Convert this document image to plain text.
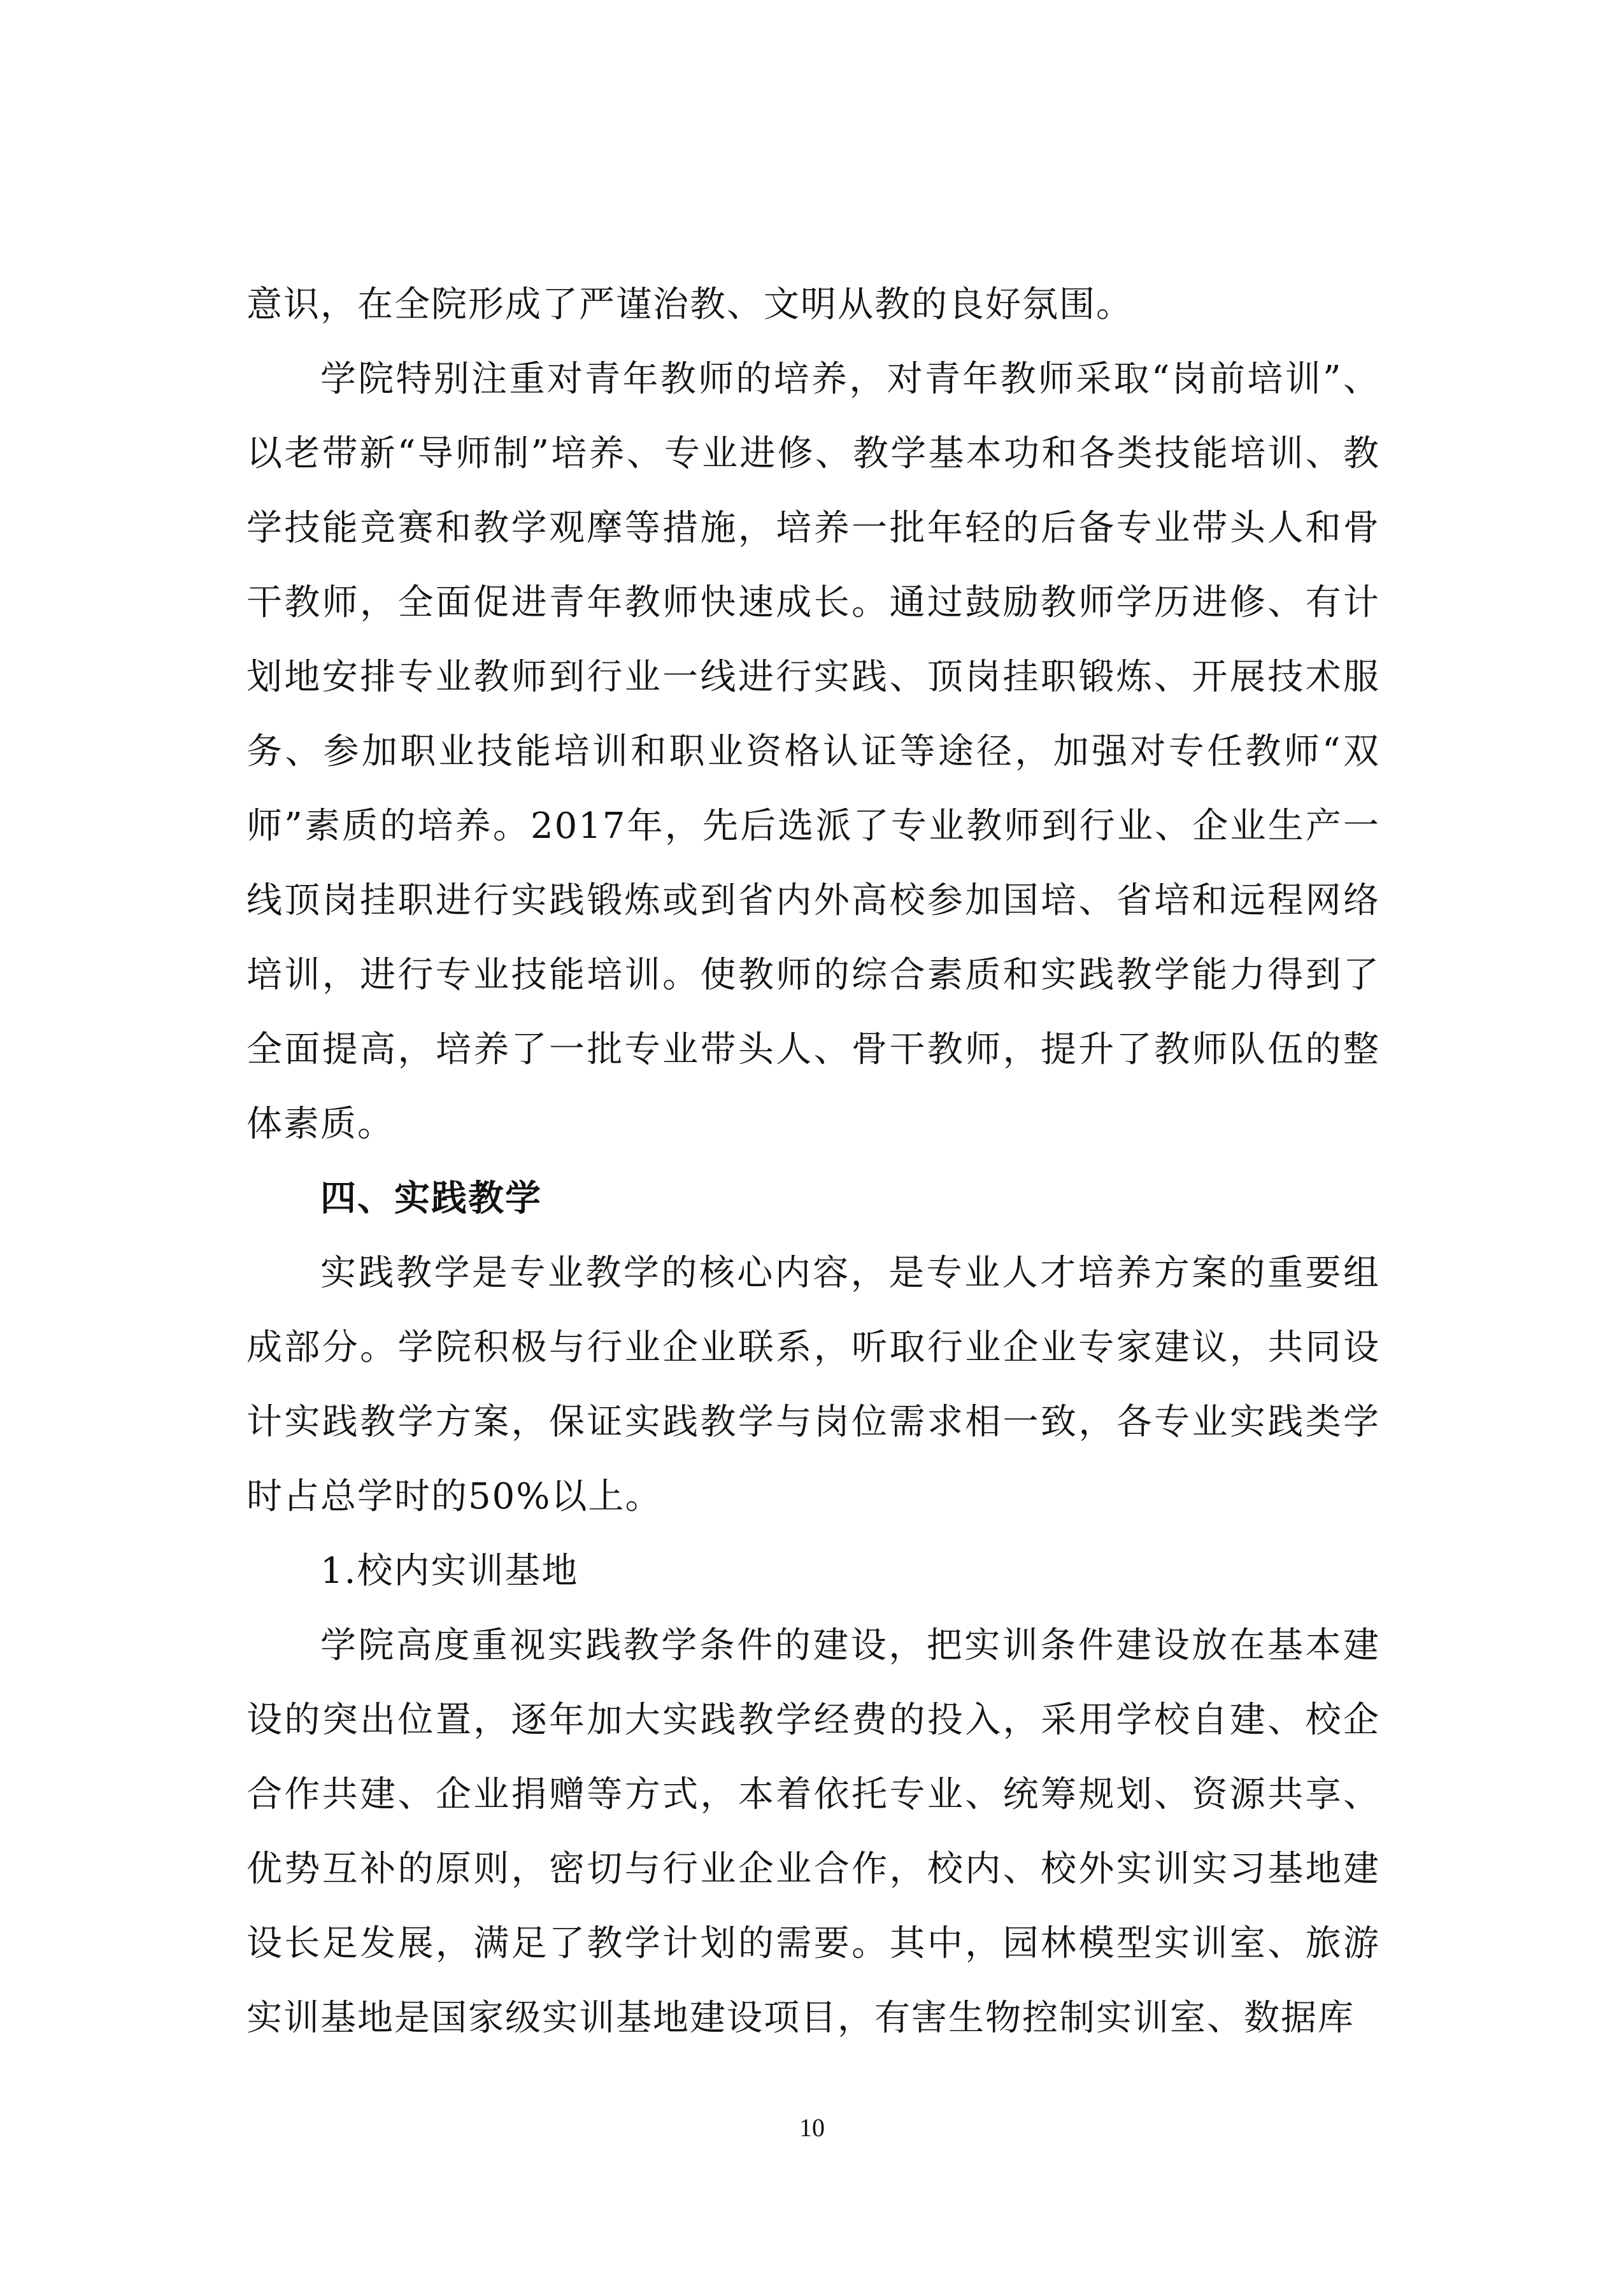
意识，在全院形成了严谨治教、文明从教的良好氛围。

学院特别注重对青年教师的培养，对青年教师采取“岗前培训”、以老带新“导师制”培养、专业进修、教学基本功和各类技能培训、教学技能竞赛和教学观摩等措施，培养一批年轻的后备专业带头人和骨干教师，全面促进青年教师快速成长。通过鼓励教师学历进修、有计划地安排专业教师到行业一线进行实践、顶岗挂职锻炼、开展技术服务、参加职业技能培训和职业资格认证等途径，加强对专任教师“双师”素质的培养。2017年，先后选派了专业教师到行业、企业生产一线顶岗挂职进行实践锻炼或到省内外高校参加国培、省培和远程网络培训，进行专业技能培训。使教师的综合素质和实践教学能力得到了全面提高，培养了一批专业带头人、骨干教师，提升了教师队伍的整体素质。

四、实践教学

实践教学是专业教学的核心内容，是专业人才培养方案的重要组成部分。学院积极与行业企业联系，听取行业企业专家建议，共同设计实践教学方案，保证实践教学与岗位需求相一致，各专业实践类学时占总学时的50%以上。

1.校内实训基地

学院高度重视实践教学条件的建设，把实训条件建设放在基本建设的突出位置，逐年加大实践教学经费的投入，采用学校自建、校企合作共建、企业捐赠等方式，本着依托专业、统筹规划、资源共享、优势互补的原则，密切与行业企业合作，校内、校外实训实习基地建设长足发展，满足了教学计划的需要。其中，园林模型实训室、旅游实训基地是国家级实训基地建设项目，有害生物控制实训室、数据库

10
